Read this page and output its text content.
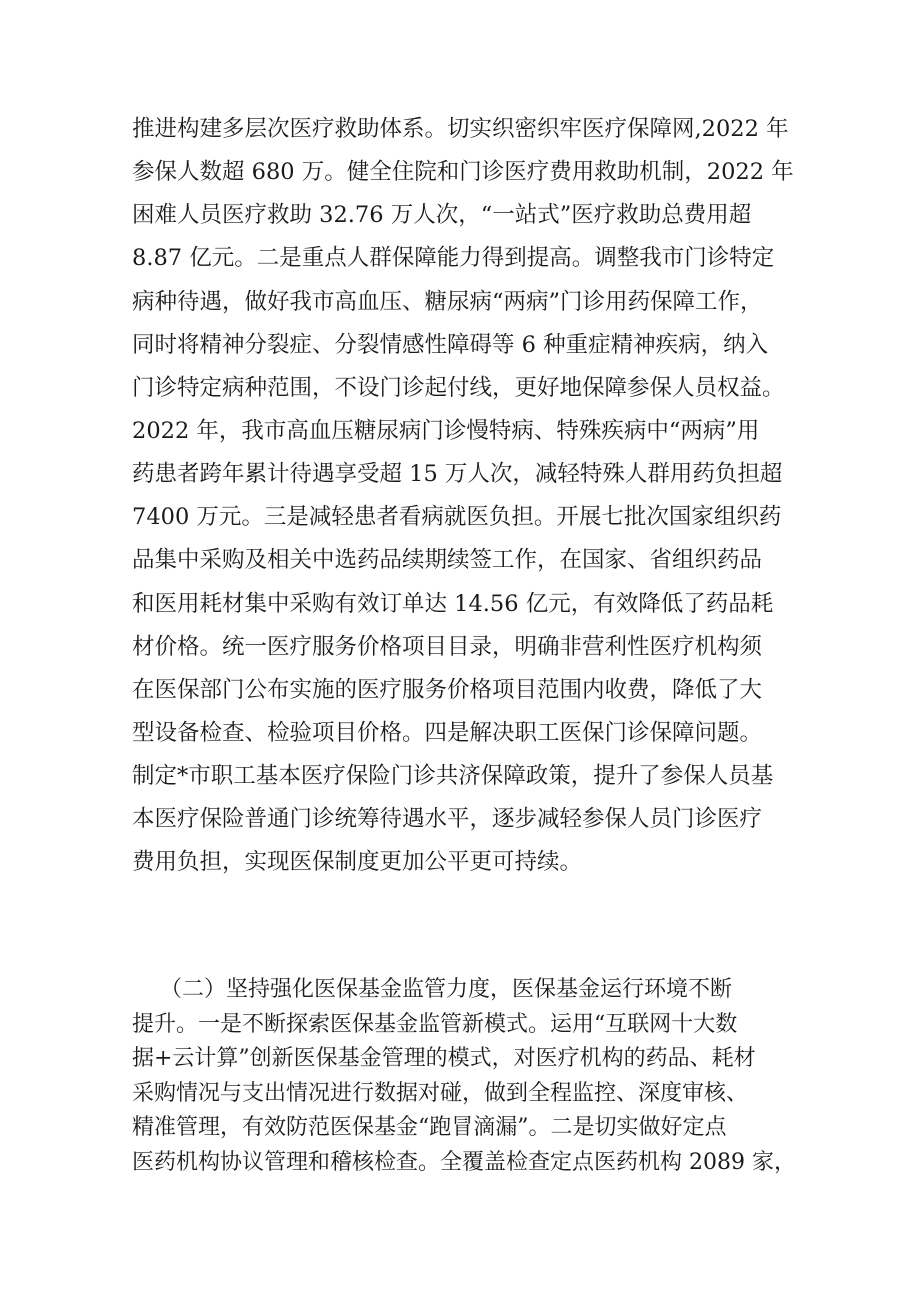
推进构建多层次医疗救助体系。切实织密织牢医疗保障网,2022 年
参保人数超 680 万。健全住院和门诊医疗费用救助机制，2022 年
困难人员医疗救助 32.76 万人次，“一站式”医疗救助总费用超
8.87 亿元。二是重点人群保障能力得到提高。调整我市门诊特定
病种待遇，做好我市高血压、糖尿病“两病”门诊用药保障工作，
同时将精神分裂症、分裂情感性障碍等 6 种重症精神疾病，纳入
门诊特定病种范围，不设门诊起付线，更好地保障参保人员权益。
2022 年，我市高血压糖尿病门诊慢特病、特殊疾病中“两病”用
药患者跨年累计待遇享受超 15 万人次，减轻特殊人群用药负担超
7400 万元。三是减轻患者看病就医负担。开展七批次国家组织药
品集中采购及相关中选药品续期续签工作，在国家、省组织药品
和医用耗材集中采购有效订单达 14.56 亿元，有效降低了药品耗
材价格。统一医疗服务价格项目目录，明确非营利性医疗机构须
在医保部门公布实施的医疗服务价格项目范围内收费，降低了大
型设备检查、检验项目价格。四是解决职工医保门诊保障问题。
制定*市职工基本医疗保险门诊共济保障政策，提升了参保人员基
本医疗保险普通门诊统筹待遇水平，逐步减轻参保人员门诊医疗
费用负担，实现医保制度更加公平更可持续。
（二）坚持强化医保基金监管力度，医保基金运行环境不断
提升。一是不断探索医保基金监管新模式。运用“互联网十大数
据+云计算”创新医保基金管理的模式，对医疗机构的药品、耗材
采购情况与支出情况进行数据对碰，做到全程监控、深度审核、
精准管理，有效防范医保基金“跑冒滴漏”。二是切实做好定点
医药机构协议管理和稽核检查。全覆盖检查定点医药机构 2089 家，
